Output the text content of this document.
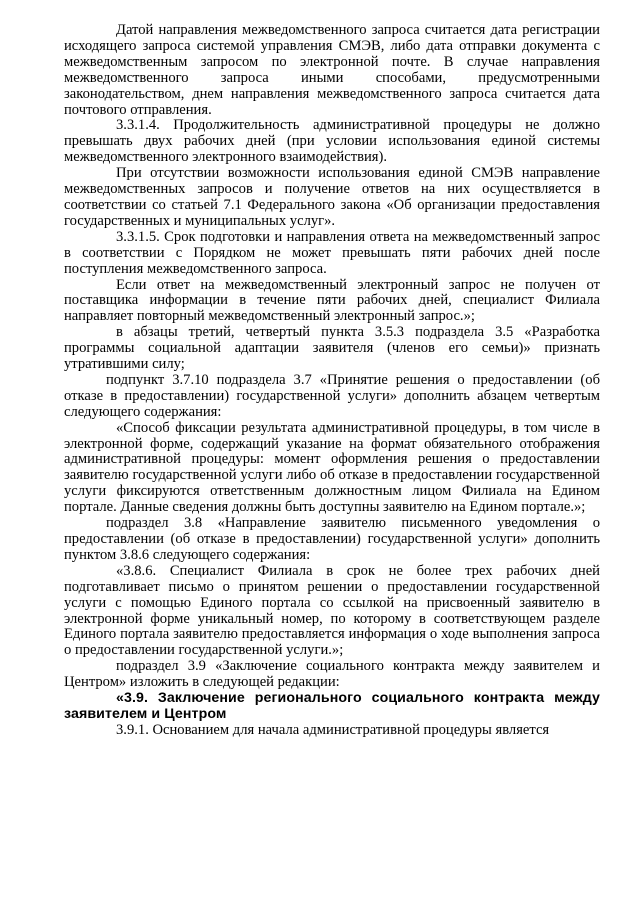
Датой направления межведомственного запроса считается дата регистрации исходящего запроса системой управления СМЭВ, либо дата отправки документа с межведомственным запросом по электронной почте. В случае направления межведомственного запроса иными способами, предусмотренными законодательством, днем направления межведомственного запроса считается дата почтового отправления.

3.3.1.4. Продолжительность административной процедуры не должно превышать двух рабочих дней (при условии использования единой системы межведомственного электронного взаимодействия).

При отсутствии возможности использования единой СМЭВ направление межведомственных запросов и получение ответов на них осуществляется в соответствии со статьей 7.1 Федерального закона «Об организации предоставления государственных и муниципальных услуг».

3.3.1.5. Срок подготовки и направления ответа на межведомственный запрос в соответствии с Порядком не может превышать пяти рабочих дней после поступления межведомственного запроса.

Если ответ на межведомственный электронный запрос не получен от поставщика информации в течение пяти рабочих дней, специалист Филиала направляет повторный межведомственный электронный запрос.»;

в абзацы третий, четвертый пункта 3.5.3 подраздела 3.5 «Разработка программы социальной адаптации заявителя (членов его семьи)» признать утратившими силу;

подпункт 3.7.10 подраздела 3.7 «Принятие решения о предоставлении (об отказе в предоставлении) государственной услуги» дополнить абзацем четвертым следующего содержания:

«Способ фиксации результата административной процедуры, в том числе в электронной форме, содержащий указание на формат обязательного отображения административной процедуры: момент оформления решения о предоставлении заявителю государственной услуги либо об отказе в предоставлении государственной услуги фиксируются ответственным должностным лицом Филиала на Едином портале. Данные сведения должны быть доступны заявителю на Едином портале.»;

подраздел 3.8 «Направление заявителю письменного уведомления о предоставлении (об отказе в предоставлении) государственной услуги» дополнить пунктом 3.8.6 следующего содержания:

«3.8.6. Специалист Филиала в срок не более трех рабочих дней подготавливает письмо о принятом решении о предоставлении государственной услуги с помощью Единого портала со ссылкой на присвоенный заявителю в электронной форме уникальный номер, по которому в соответствующем разделе Единого портала заявителю предоставляется информация о ходе выполнения запроса о предоставлении государственной услуги.»;

подраздел 3.9 «Заключение социального контракта между заявителем и Центром» изложить в следующей редакции:

«3.9. Заключение регионального социального контракта между заявителем и Центром

3.9.1. Основанием для начала административной процедуры является
